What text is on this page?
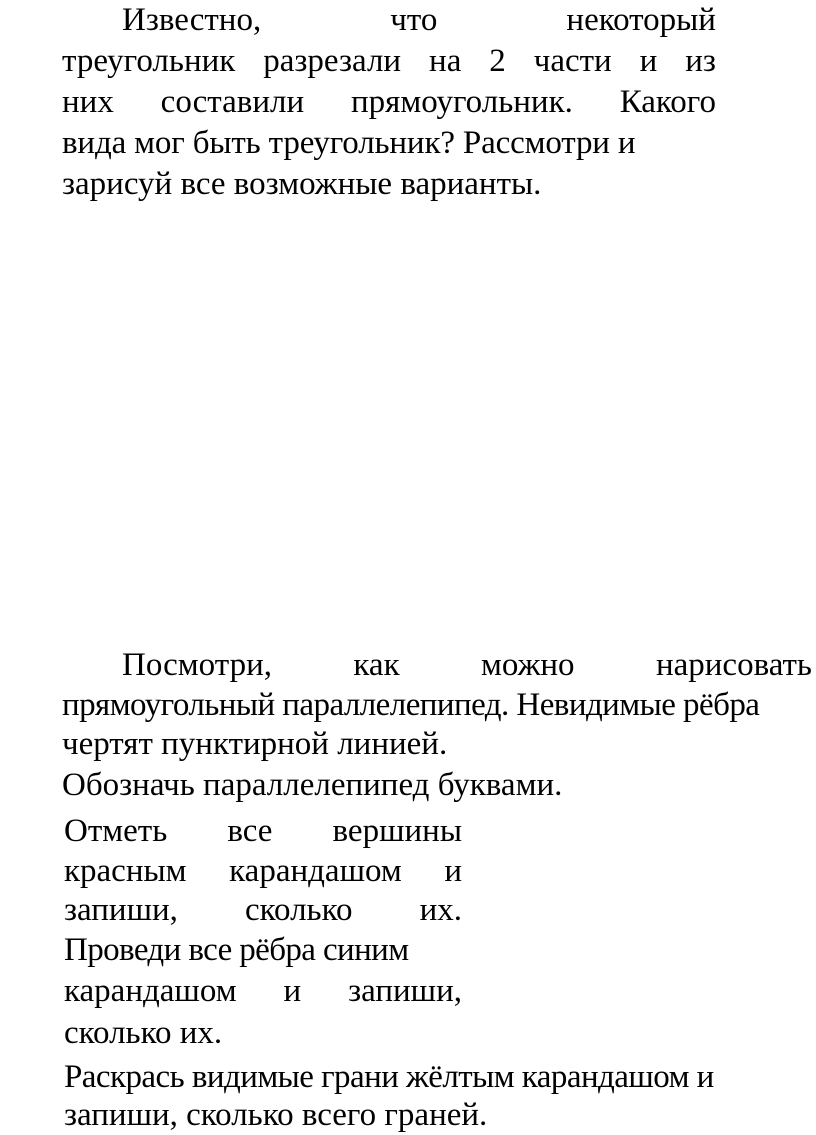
Известно,	что	некоторый
треугольник разрезали на 2 части и из
них составили прямоугольник. Какого
вида мог быть треугольник? Рассмотри и
зарисуй все возможные варианты.
Посмотри, как можно нарисовать
прямоугольный параллелепипед. Невидимые рёбра
чертят пунктирной линией.
Обозначь параллелепипед буквами.
Отметь все вершины
красным карандашом и
запиши, сколько их.
Проведи все рёбра синим
карандашом и запиши,
сколько их.
Раскрась видимые грани жёлтым карандашом и
запиши, сколько всего граней.
